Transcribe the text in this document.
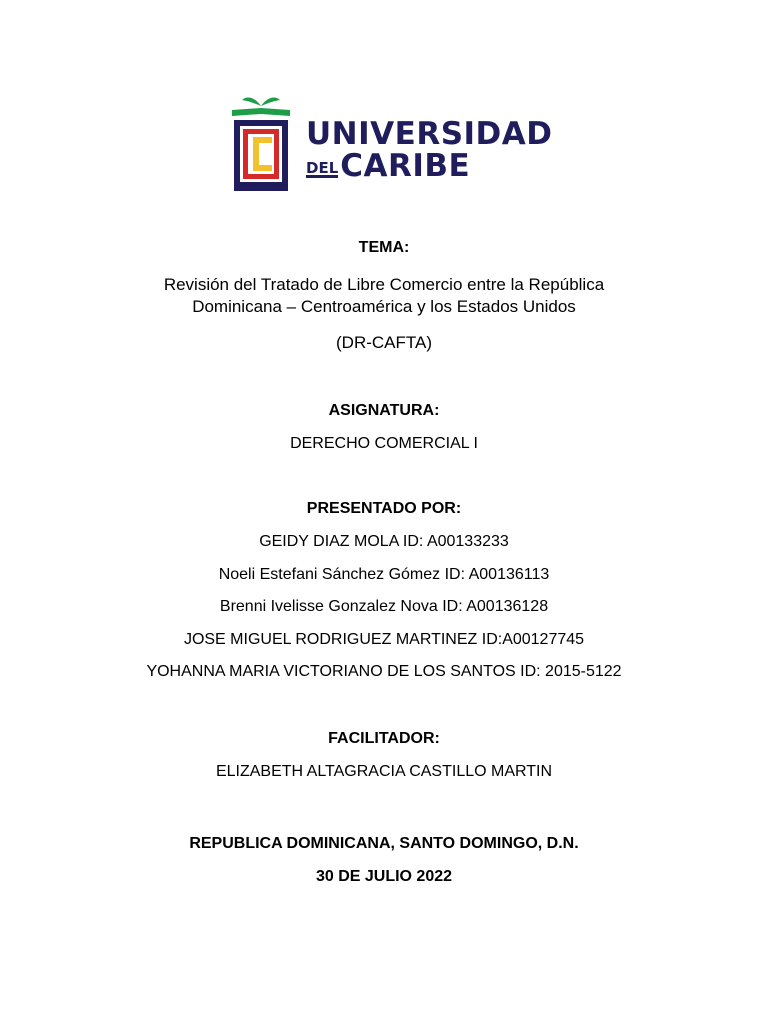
UNIVERSIDAD
DELCARIBE
TEMA:
Revisión del Tratado de Libre Comercio entre la República
Dominicana – Centroamérica y los Estados Unidos
(DR-CAFTA)
ASIGNATURA:
DERECHO COMERCIAL I
PRESENTADO POR:
GEIDY DIAZ MOLA ID: A00133233
Noeli Estefani Sánchez Gómez ID: A00136113
Brenni Ivelisse Gonzalez Nova ID: A00136128
JOSE MIGUEL RODRIGUEZ MARTINEZ ID:A00127745
YOHANNA MARIA VICTORIANO DE LOS SANTOS ID: 2015-5122
FACILITADOR:
ELIZABETH ALTAGRACIA CASTILLO MARTIN
REPUBLICA DOMINICANA, SANTO DOMINGO, D.N.
30 DE JULIO 2022
